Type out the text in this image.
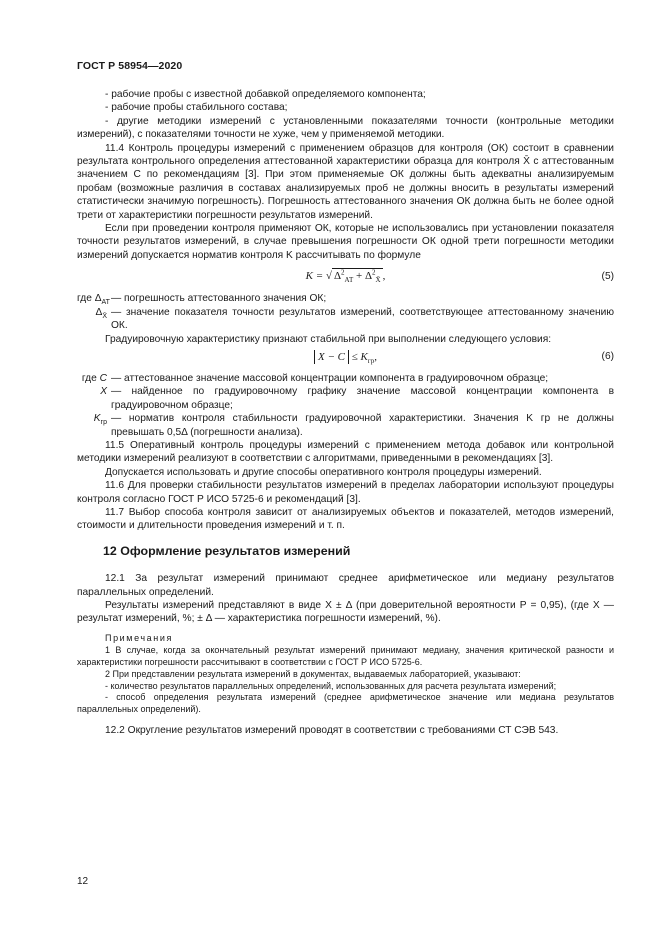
ГОСТ Р 58954—2020

- рабочие пробы с известной добавкой определяемого компонента;

- рабочие пробы стабильного состава;

- другие методики измерений с установленными показателями точности (контрольные методики измерений), с показателями точности не хуже, чем у применяемой методики.

11.4 Контроль процедуры измерений с применением образцов для контроля (ОК) состоит в сравнении результата контрольного определения аттестованной характеристики образца для контроля X̄ с аттестованным значением C по рекомендациям [3]. При этом применяемые ОК должны быть адекватны анализируемым пробам (возможные различия в составах анализируемых проб не должны вносить в результаты измерений статистически значимую погрешность). Погрешность аттестованного значения ОК должна быть не более одной трети от характеристики погрешности результатов измерений.

Если при проведении контроля применяют ОК, которые не использовались при установлении показателя точности результатов измерений, в случае превышения погрешности ОК одной трети погрешности методики измерений допускается норматив контроля K рассчитывать по формуле

K = √ $\Delta^2_{АТ} + \Delta^2_{X̄}$ ,	(5)
где $\Delta_{АТ}$ — погрешность аттестованного значения ОК;
$\Delta_{X̄}$ — значение показателя точности результатов измерений, соответствующее аттестованному значению ОК.

Градуировочную характеристику признают стабильной при выполнении следующего условия:

$X - C \le K_{гр}$,	(6)
где C — аттестованное значение массовой концентрации компонента в градуировочном образце;
X — найденное по градуировочному графику значение массовой концентрации компонента в градуировочном образце;
$K_{гр}$ — норматив контроля стабильности градуировочной характеристики. Значения K гр не должны превышать 0,5Δ (погрешности анализа).

11.5 Оперативный контроль процедуры измерений с применением метода добавок или контрольной методики измерений реализуют в соответствии с алгоритмами, приведенными в рекомендациях [3].

Допускается использовать и другие способы оперативного контроля процедуры измерений.

11.6 Для проверки стабильности результатов измерений в пределах лаборатории используют процедуры контроля согласно ГОСТ Р ИСО 5725-6 и рекомендаций [3].

11.7 Выбор способа контроля зависит от анализируемых объектов и показателей, методов измерений, стоимости и длительности проведения измерений и т. п.

12 Оформление результатов измерений

12.1 За результат измерений принимают среднее арифметическое или медиану результатов параллельных определений.

Результаты измерений представляют в виде X ± Δ (при доверительной вероятности P = 0,95), (где X — результат измерений, %; ± Δ — характеристика погрешности измерений, %).

Примечания

1 В случае, когда за окончательный результат измерений принимают медиану, значения критической разности и характеристики погрешности рассчитывают в соответствии с ГОСТ Р ИСО 5725-6.

2 При представлении результата измерений в документах, выдаваемых лабораторией, указывают:

- количество результатов параллельных определений, использованных для расчета результата измерений;

- способ определения результата измерений (среднее арифметическое значение или медиана результатов параллельных определений).

12.2 Округление результатов измерений проводят в соответствии с требованиями СТ СЭВ 543.

12
